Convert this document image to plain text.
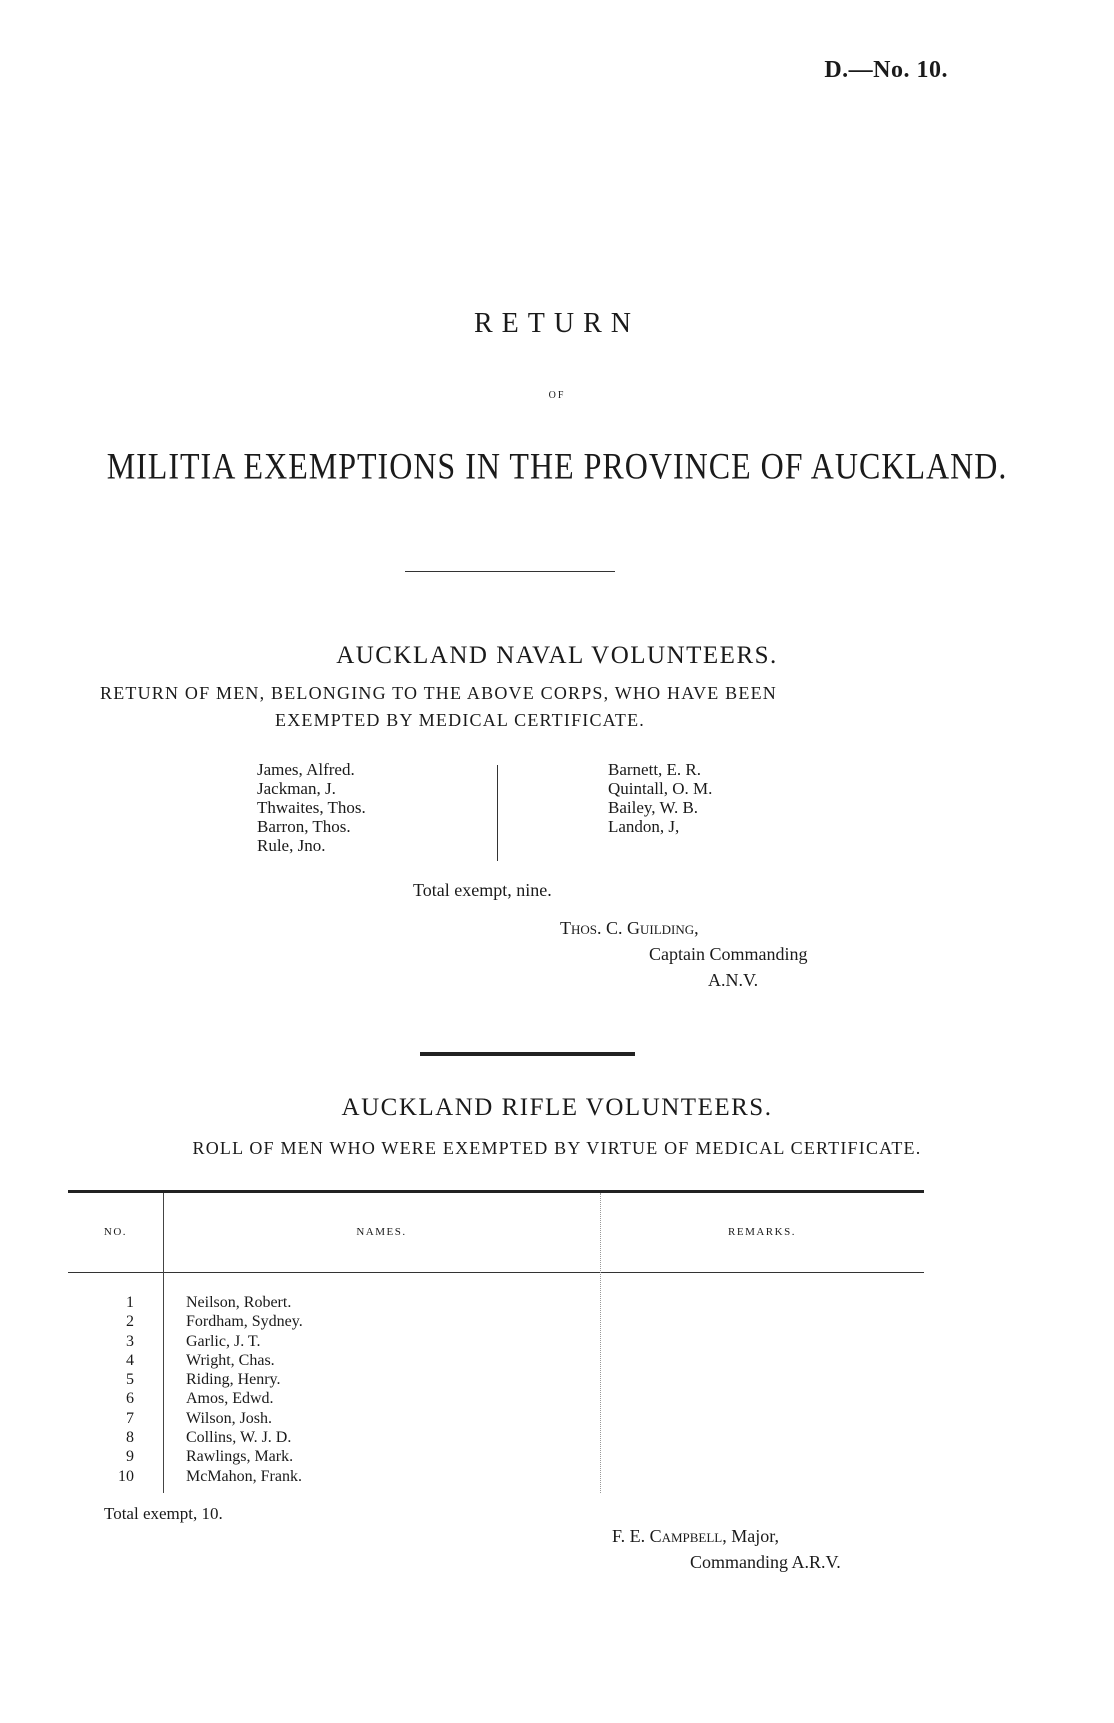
D.—No. 10.
RETURN
OF
MILITIA EXEMPTIONS IN THE PROVINCE OF AUCKLAND.
AUCKLAND NAVAL VOLUNTEERS.
RETURN OF MEN, BELONGING TO THE ABOVE CORPS, WHO HAVE BEEN
EXEMPTED BY MEDICAL CERTIFICATE.
James, Alfred.
Jackman, J.
Thwaites, Thos.
Barron, Thos.
Rule, Jno.
Barnett, E. R.
Quintall, O. M.
Bailey, W. B.
Landon, J,
Total exempt, nine.
Thos. C. Guilding,
Captain Commanding
A.N.V.
AUCKLAND RIFLE VOLUNTEERS.
ROLL OF MEN WHO WERE EXEMPTED BY VIRTUE OF MEDICAL CERTIFICATE.
NO.	NAMES.	REMARKS.
1
2
3
4
5
6
7
8
9
10
Neilson, Robert.
Fordham, Sydney.
Garlic, J. T.
Wright, Chas.
Riding, Henry.
Amos, Edwd.
Wilson, Josh.
Collins, W. J. D.
Rawlings, Mark.
McMahon, Frank.
Total exempt, 10.
F. E. Campbell, Major,
Commanding A.R.V.
